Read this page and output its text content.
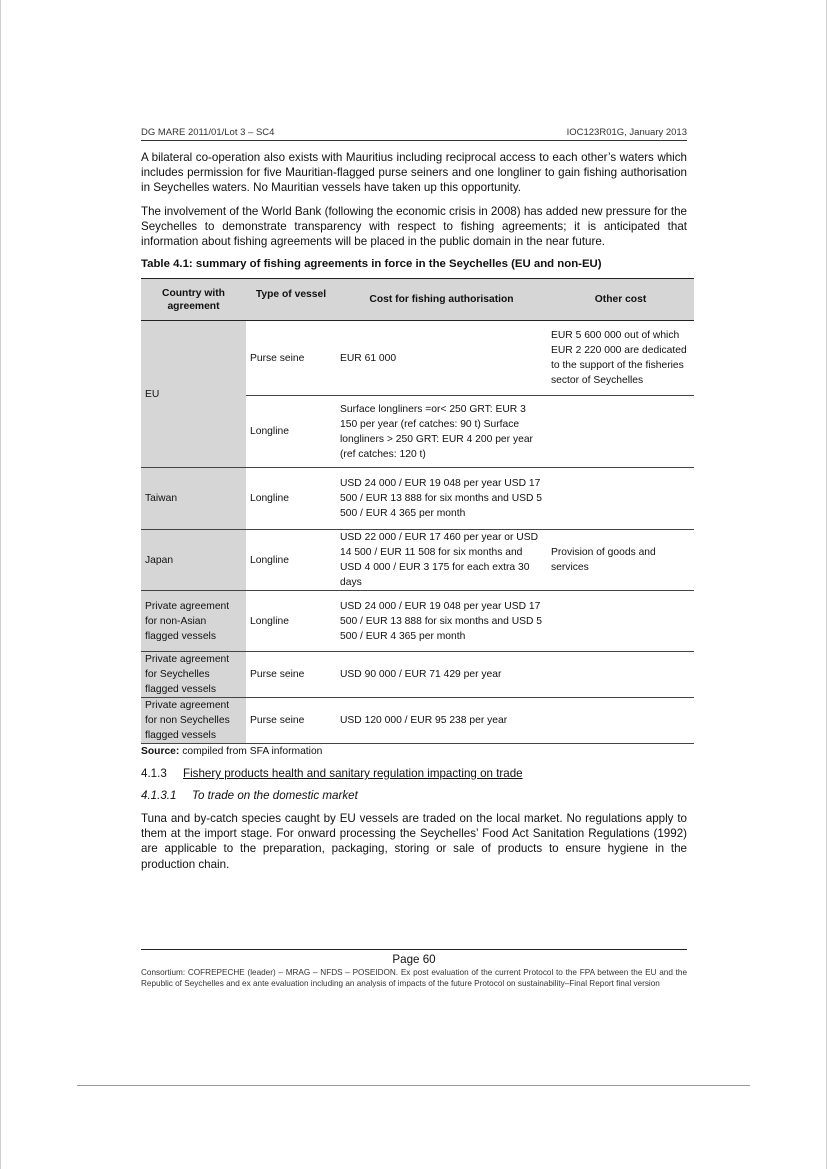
DG MARE 2011/01/Lot 3 – SC4	IOC123R01G, January 2013

A bilateral co-operation also exists with Mauritius including reciprocal access to each other’s waters which includes permission for five Mauritian-flagged purse seiners and one longliner to gain fishing authorisation in Seychelles waters. No Mauritian vessels have taken up this opportunity.

The involvement of the World Bank (following the economic crisis in 2008) has added new pressure for the Seychelles to demonstrate transparency with respect to fishing agreements; it is anticipated that information about fishing agreements will be placed in the public domain in the near future.

Table 4.1: summary of fishing agreements in force in the Seychelles (EU and non-EU)
Country with agreement	Type of vessel	Cost for fishing authorisation	Other cost
EU	Purse seine	EUR 61 000	EUR 5 600 000 out of which EUR 2 220 000 are dedicated to the support of the fisheries sector of Seychelles
	Longline	Surface longliners =or< 250 GRT: EUR 3 150 per year (ref catches: 90 t) Surface longliners > 250 GRT: EUR 4 200 per year (ref catches: 120 t)	
Taiwan	Longline	USD 24 000 / EUR 19 048 per year USD 17 500 / EUR 13 888 for six months and USD 5 500 / EUR 4 365 per month	
Japan	Longline	USD 22 000 / EUR 17 460 per year or USD 14 500 / EUR 11 508 for six months and USD 4 000 / EUR 3 175 for each extra 30 days	Provision of goods and services
Private agreement for non-Asian flagged vessels	Longline	USD 24 000 / EUR 19 048 per year USD 17 500 / EUR 13 888 for six months and USD 5 500 / EUR 4 365 per month	
Private agreement for Seychelles flagged vessels	Purse seine	USD 90 000 / EUR 71 429 per year	
Private agreement for non Seychelles flagged vessels	Purse seine	USD 120 000 / EUR 95 238 per year	
Source: compiled from SFA information
4.1.3 Fishery products health and sanitary regulation impacting on trade
4.1.3.1 To trade on the domestic market

Tuna and by-catch species caught by EU vessels are traded on the local market. No regulations apply to them at the import stage. For onward processing the Seychelles’ Food Act Sanitation Regulations (1992) are applicable to the preparation, packaging, storing or sale of products to ensure hygiene in the production chain.

Page 60
Consortium: COFREPECHE (leader) – MRAG – NFDS – POSEIDON. Ex post evaluation of the current Protocol to the FPA between the EU and the Republic of Seychelles and ex ante evaluation including an analysis of impacts of the future Protocol on sustainability–Final Report final version
